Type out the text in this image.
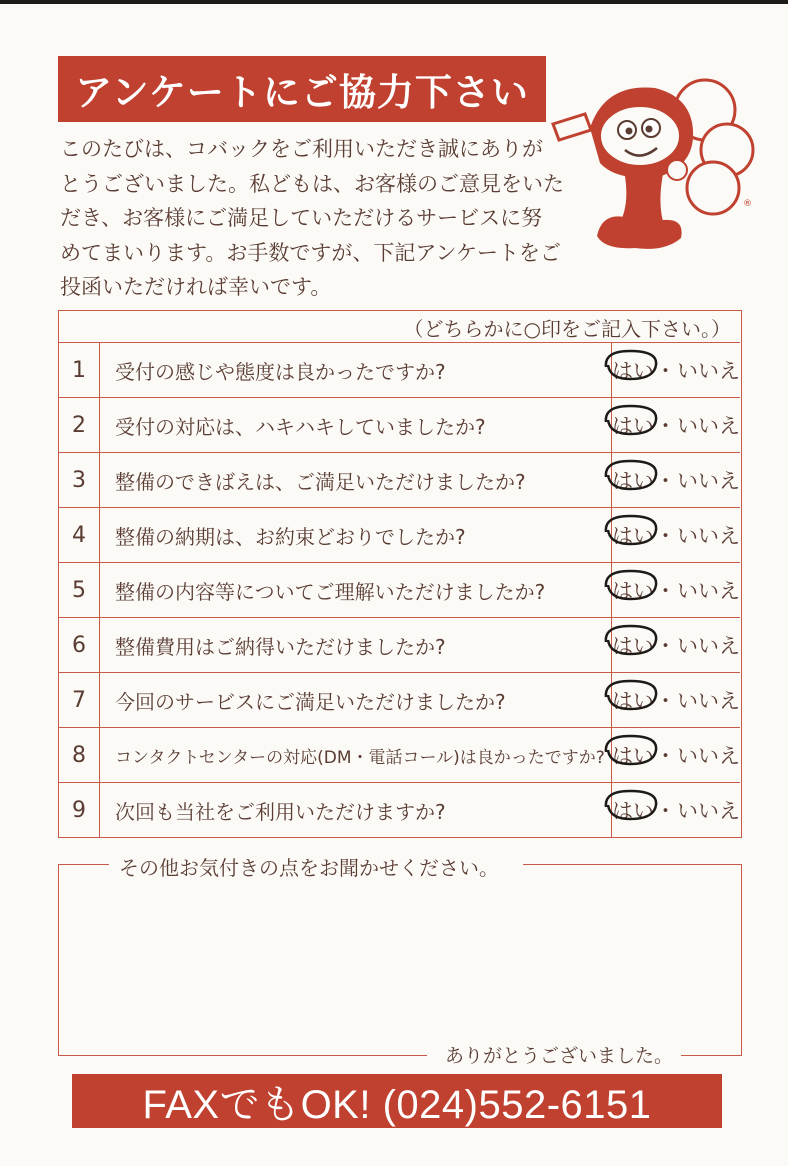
アンケートにご協力下さい
このたびは、コバックをご利用いただき誠にありが
とうございました。私どもは、お客様のご意見をいた
だき、お客様にご満足していただけるサービスに努
めてまいります。お手数ですが、下記アンケートをご
投函いただければ幸いです。
®
（どちらかに○印をご記入下さい。）
1	受付の感じや態度は良かったですか?	はい ・ いいえ
2	受付の対応は、ハキハキしていましたか?	はい ・ いいえ
3	整備のできばえは、ご満足いただけましたか?	はい ・ いいえ
4	整備の納期は、お約束どおりでしたか?	はい ・ いいえ
5	整備の内容等についてご理解いただけましたか?	はい ・ いいえ
6	整備費用はご納得いただけましたか?	はい ・ いいえ
7	今回のサービスにご満足いただけましたか?	はい ・ いいえ
8	コンタクトセンターの対応(DM・電話コール)は良かったですか? はい ・ いいえ
9	次回も当社をご利用いただけますか?	はい ・ いいえ
その他お気付きの点をお聞かせください。
ありがとうございました。
FAXでもOK! (024)552-6151
